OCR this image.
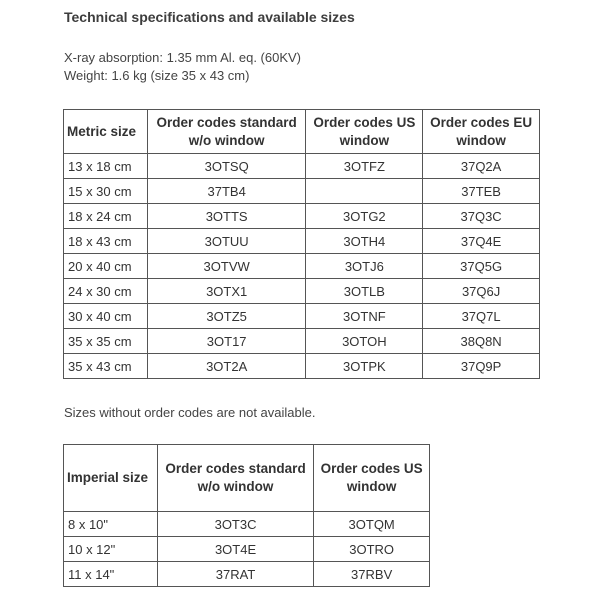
Technical specifications and available sizes
X-ray absorption: 1.35 mm Al. eq. (60KV)
Weight: 1.6 kg (size 35 x 43 cm)
Metric size	Order codes standard w/o window	Order codes US window	Order codes EU window
13 x 18 cm	3OTSQ	3OTFZ	37Q2A
15 x 30 cm	37TB4		37TEB
18 x 24 cm	3OTTS	3OTG2	37Q3C
18 x 43 cm	3OTUU	3OTH4	37Q4E
20 x 40 cm	3OTVW	3OTJ6	37Q5G
24 x 30 cm	3OTX1	3OTLB	37Q6J
30 x 40 cm	3OTZ5	3OTNF	37Q7L
35 x 35 cm	3OT17	3OTOH	38Q8N
35 x 43 cm	3OT2A	3OTPK	37Q9P
Sizes without order codes are not available.
Imperial size	Order codes standard w/o window	Order codes US window
8 x 10"	3OT3C	3OTQM
10 x 12"	3OT4E	3OTRO
11 x 14"	37RAT	37RBV
